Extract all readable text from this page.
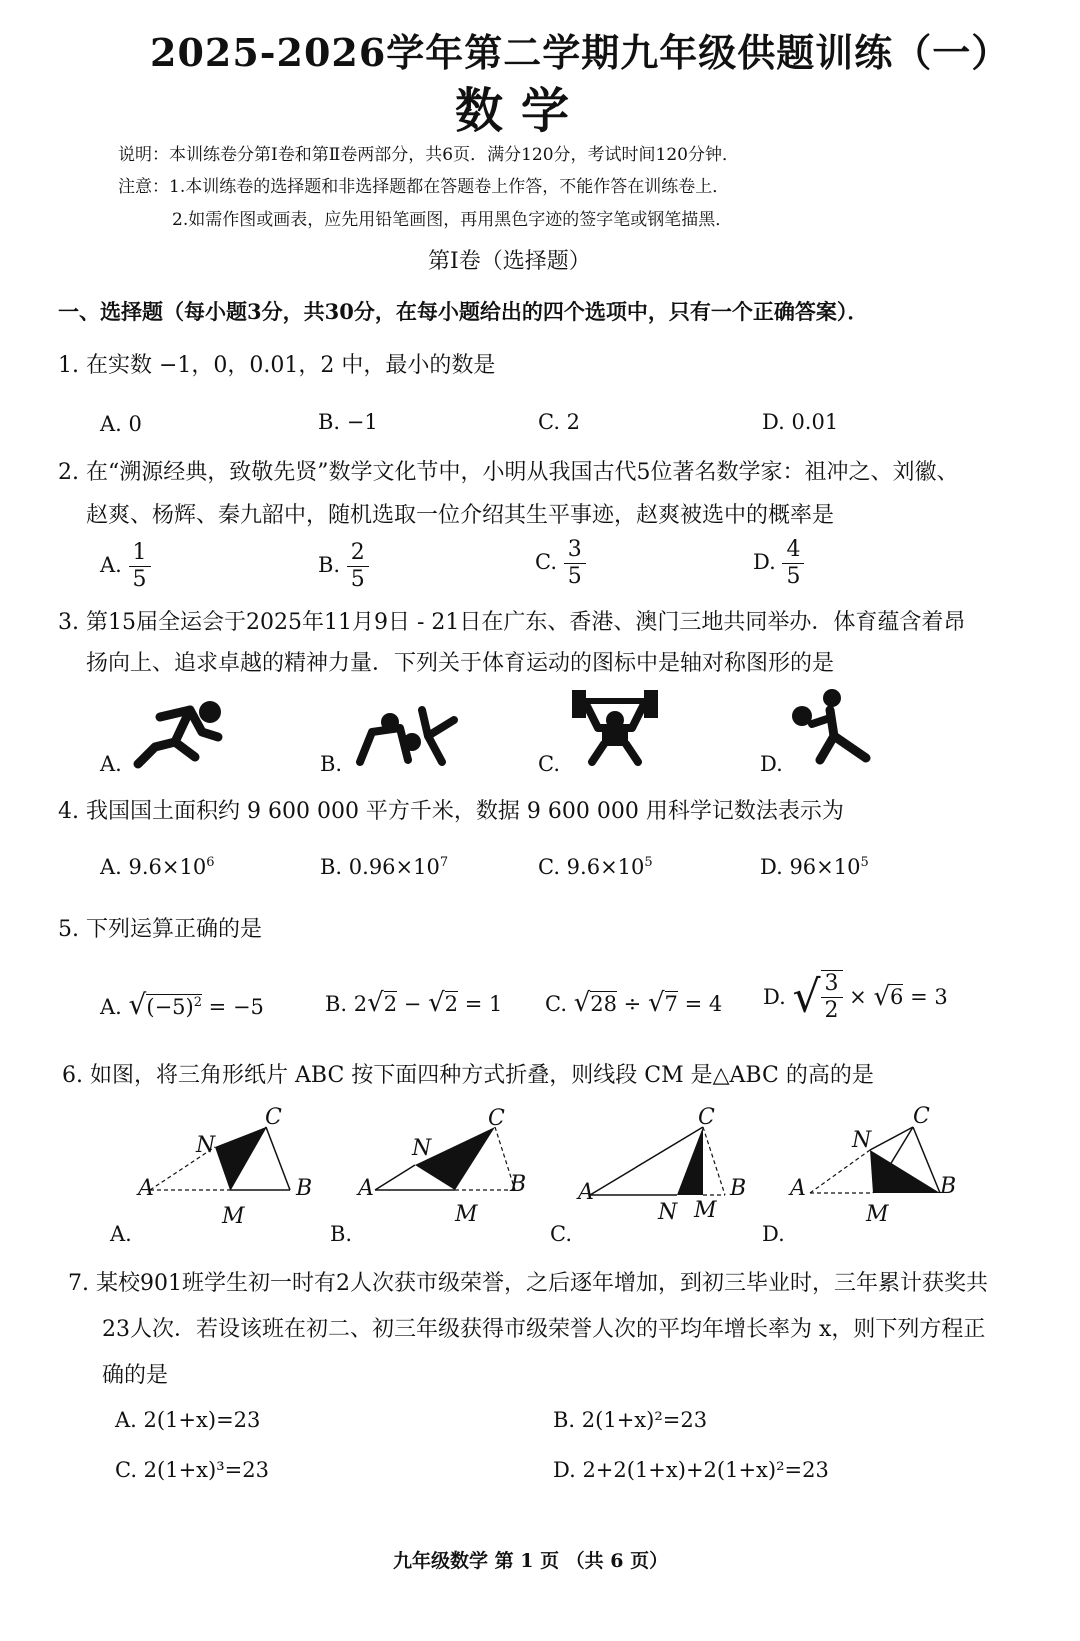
2025-2026学年第二学期九年级供题训练（一）
数学
说明：本训练卷分第Ⅰ卷和第Ⅱ卷两部分，共6页．满分120分，考试时间120分钟．
注意：1.本训练卷的选择题和非选择题都在答题卷上作答，不能作答在训练卷上．
2.如需作图或画表，应先用铅笔画图，再用黑色字迹的签字笔或钢笔描黑．
第Ⅰ卷（选择题）
一、选择题（每小题3分，共30分，在每小题给出的四个选项中，只有一个正确答案）．
1. 在实数 −1，0，0.01，2 中，最小的数是
A. 0	B. −1	C. 2	D. 0.01
2. 在“溯源经典，致敬先贤”数学文化节中，小明从我国古代5位著名数学家：祖冲之、刘徽、
赵爽、杨辉、秦九韶中，随机选取一位介绍其生平事迹，赵爽被选中的概率是
A. $\frac{1}{5}$	B. $\frac{2}{5}$	C. $\frac{3}{5}$	D. $\frac{4}{5}$
3. 第15届全运会于2025年11月9日 - 21日在广东、香港、澳门三地共同举办．体育蕴含着昂
扬向上、追求卓越的精神力量．下列关于体育运动的图标中是轴对称图形的是
A.	B.	C.	D.
4. 我国国土面积约 9 600 000 平方千米，数据 9 600 000 用科学记数法表示为
A. $9.6\times 10^6$	B. $0.96\times 10^7$	C. $9.6\times 10^5$	D. $96\times 10^5$
5. 下列运算正确的是
A. $√(-5)^2 = -5$	B. 2√2 − √2 = 1 C. √28 ÷ √7 = 4 D. √ $\frac{3}{2} \times √6 = 3$
6. 如图，将三角形纸片 ABC 按下面四种方式折叠，则线段 CM 是△ABC 的高的是
A	B
C
M
N
A.
A	B
C
M
N
B.
A	B
C
N M
C.
A	B
C
M
N
D.
7. 某校901班学生初一时有2人次获市级荣誉，之后逐年增加，到初三毕业时，三年累计获奖共
23人次．若设该班在初二、初三年级获得市级荣誉人次的平均年增长率为 x，则下列方程正
确的是
A. 2(1+x)=23	B. 2(1+x)²=23
C. 2(1+x)³=23	D. 2+2(1+x)+2(1+x)²=23
九年级数学 第 1 页 （共 6 页）
